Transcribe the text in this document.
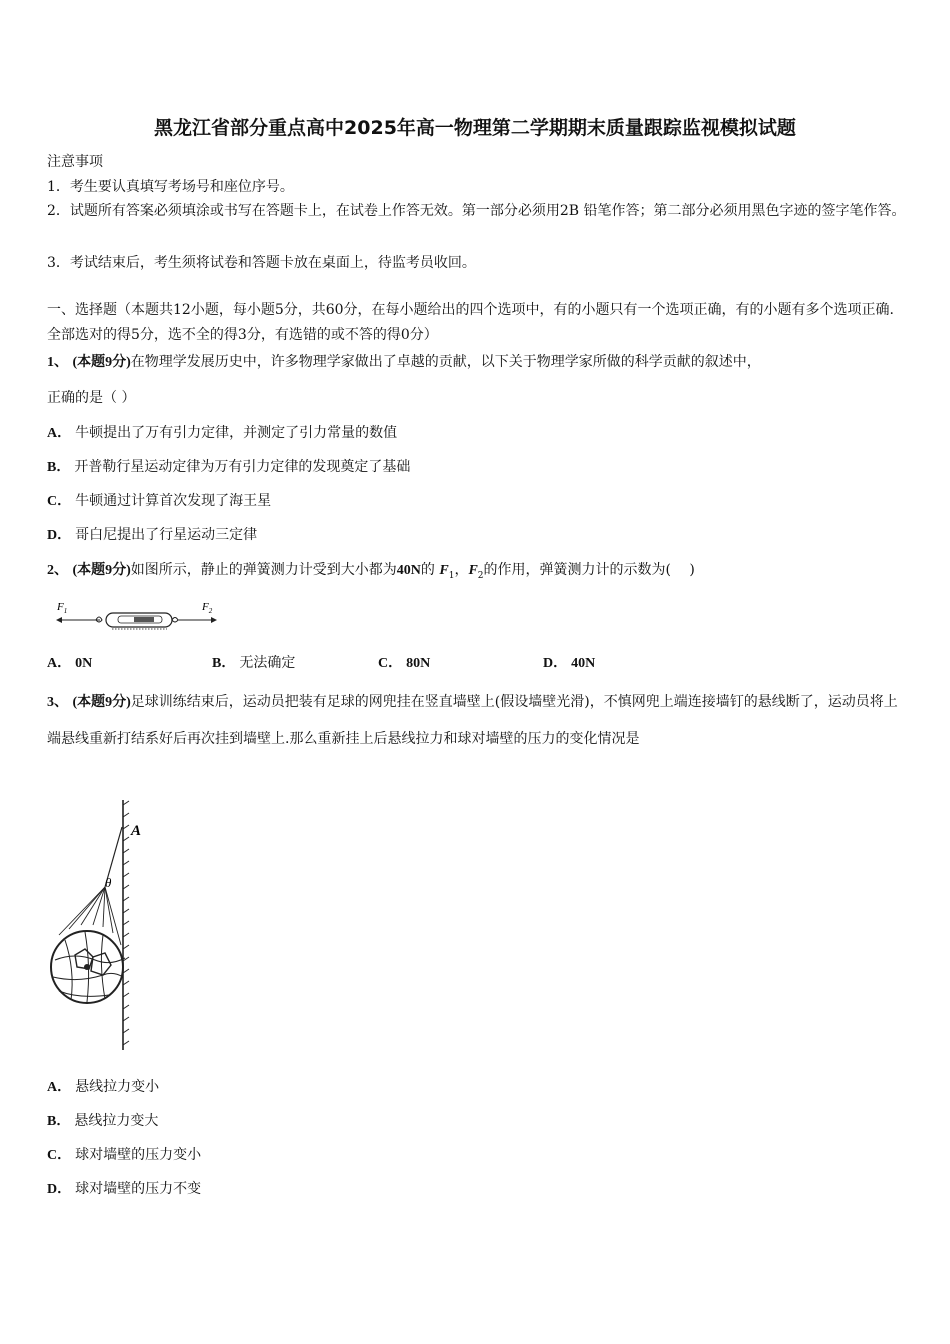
黑龙江省部分重点高中2025年高一物理第二学期期末质量跟踪监视模拟试题
注意事项
1．考生要认真填写考场号和座位序号。
2．试题所有答案必须填涂或书写在答题卡上，在试卷上作答无效。第一部分必须用2B 铅笔作答；第二部分必须用黑色字迹的签字笔作答。
3．考试结束后，考生须将试卷和答题卡放在桌面上，待监考员收回。
一、选择题（本题共12小题，每小题5分，共60分，在每小题给出的四个选项中，有的小题只有一个选项正确，有的小题有多个选项正确.全部选对的得5分，选不全的得3分，有选错的或不答的得0分）
1、 (本题9分)在物理学发展历史中，许多物理学家做出了卓越的贡献，以下关于物理学家所做的科学贡献的叙述中，
正确的是（ ）
A． 牛顿提出了万有引力定律，并测定了引力常量的数值
B． 开普勒行星运动定律为万有引力定律的发现奠定了基础
C． 牛顿通过计算首次发现了海王星
D． 哥白尼提出了行星运动三定律
2、 (本题9分)如图所示，静止的弹簧测力计受到大小都为40N的 $F_1$，$F_2$的作用，弹簧测力计的示数为(　 )
$F_1$	$F_2$
A． 0N	B． 无法确定	C． 80N	D． 40N
3、 (本题9分)足球训练结束后，运动员把装有足球的网兜挂在竖直墙壁上(假设墙壁光滑)，不慎网兜上端连接墙钉的悬线断了，运动员将上端悬线重新打结系好后再次挂到墙壁上.那么重新挂上后悬线拉力和球对墙壁的压力的变化情况是
A
θ
A． 悬线拉力变小
B． 悬线拉力变大
C． 球对墙壁的压力变小
D． 球对墙壁的压力不变
